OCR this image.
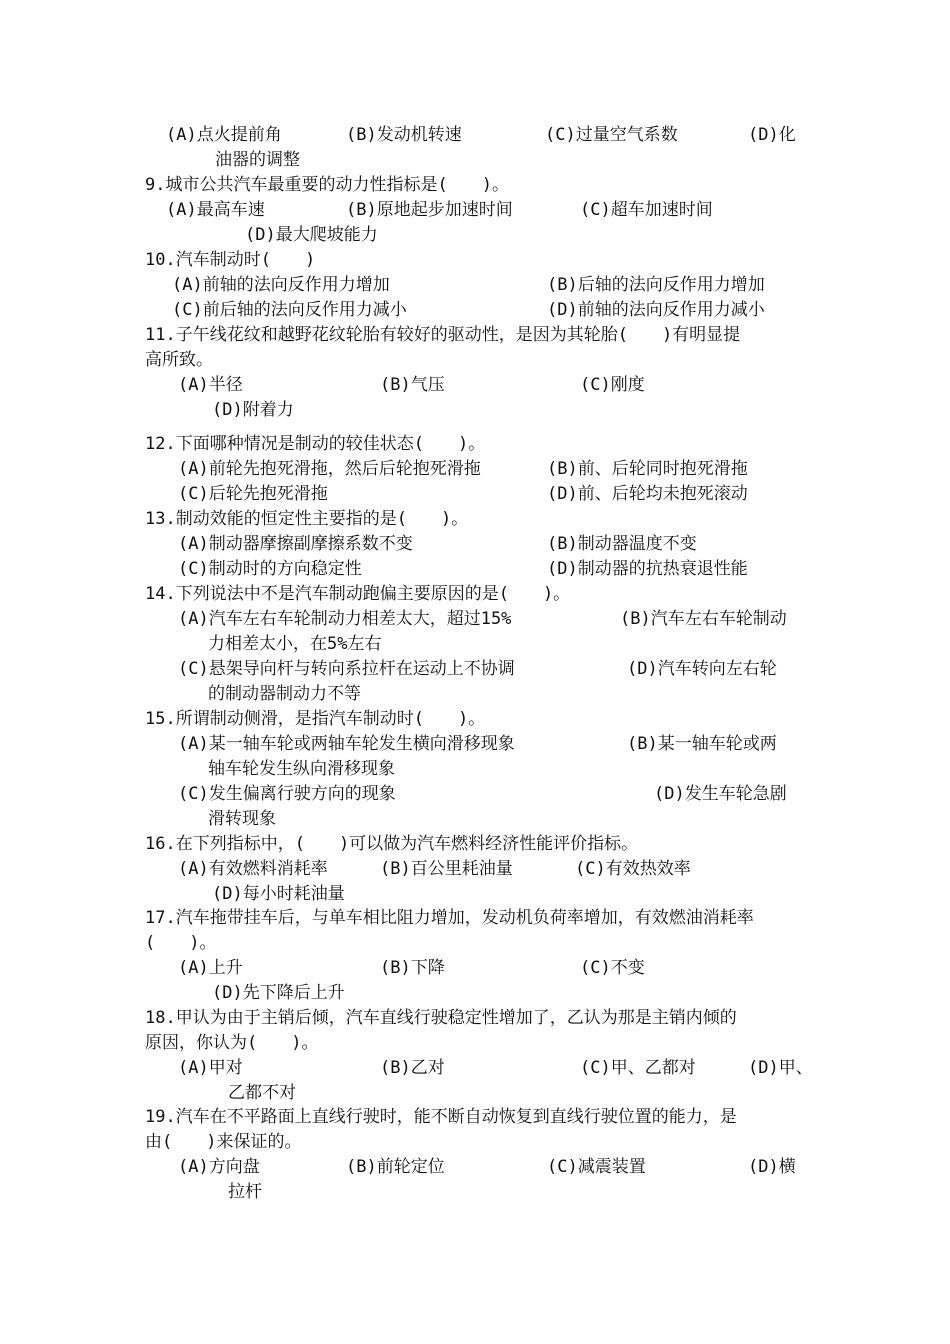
(A)点火提前角	(B)发动机转速	(C)过量空气系数	(D)化
油器的调整
9.城市公共汽车最重要的动力性指标是(　　)。
(A)最高车速	(B)原地起步加速时间	(C)超车加速时间
(D)最大爬坡能力
10.汽车制动时(　　)
(A)前轴的法向反作用力增加	(B)后轴的法向反作用力增加
(C)前后轴的法向反作用力减小	(D)前轴的法向反作用力减小
11.子午线花纹和越野花纹轮胎有较好的驱动性，是因为其轮胎(　　)有明显提
高所致。
(A)半径	(B)气压	(C)刚度
(D)附着力
12.下面哪种情况是制动的较佳状态(　　)。
(A)前轮先抱死滑拖，然后后轮抱死滑拖	(B)前、后轮同时抱死滑拖
(C)后轮先抱死滑拖	(D)前、后轮均未抱死滚动
13.制动效能的恒定性主要指的是(　　)。
(A)制动器摩擦副摩擦系数不变	(B)制动器温度不变
(C)制动时的方向稳定性	(D)制动器的抗热衰退性能
14.下列说法中不是汽车制动跑偏主要原因的是(　　)。
(A)汽车左右车轮制动力相差太大，超过15%	(B)汽车左右车轮制动
力相差太小，在5%左右
(C)悬架导向杆与转向系拉杆在运动上不协调	(D)汽车转向左右轮
的制动器制动力不等
15.所谓制动侧滑，是指汽车制动时(　　)。
(A)某一轴车轮或两轴车轮发生横向滑移现象	(B)某一轴车轮或两
轴车轮发生纵向滑移现象
(C)发生偏离行驶方向的现象	(D)发生车轮急剧
滑转现象
16.在下列指标中，(　　)可以做为汽车燃料经济性能评价指标。
(A)有效燃料消耗率	(B)百公里耗油量	(C)有效热效率
(D)每小时耗油量
17.汽车拖带挂车后，与单车相比阻力增加，发动机负荷率增加，有效燃油消耗率
(　　)。
(A)上升	(B)下降	(C)不变
(D)先下降后上升
18.甲认为由于主销后倾，汽车直线行驶稳定性增加了，乙认为那是主销内倾的
原因，你认为(　　)。
(A)甲对	(B)乙对	(C)甲、乙都对	(D)甲、
乙都不对
19.汽车在不平路面上直线行驶时，能不断自动恢复到直线行驶位置的能力，是
由(　　)来保证的。
(A)方向盘	(B)前轮定位	(C)减震装置	(D)横
拉杆
